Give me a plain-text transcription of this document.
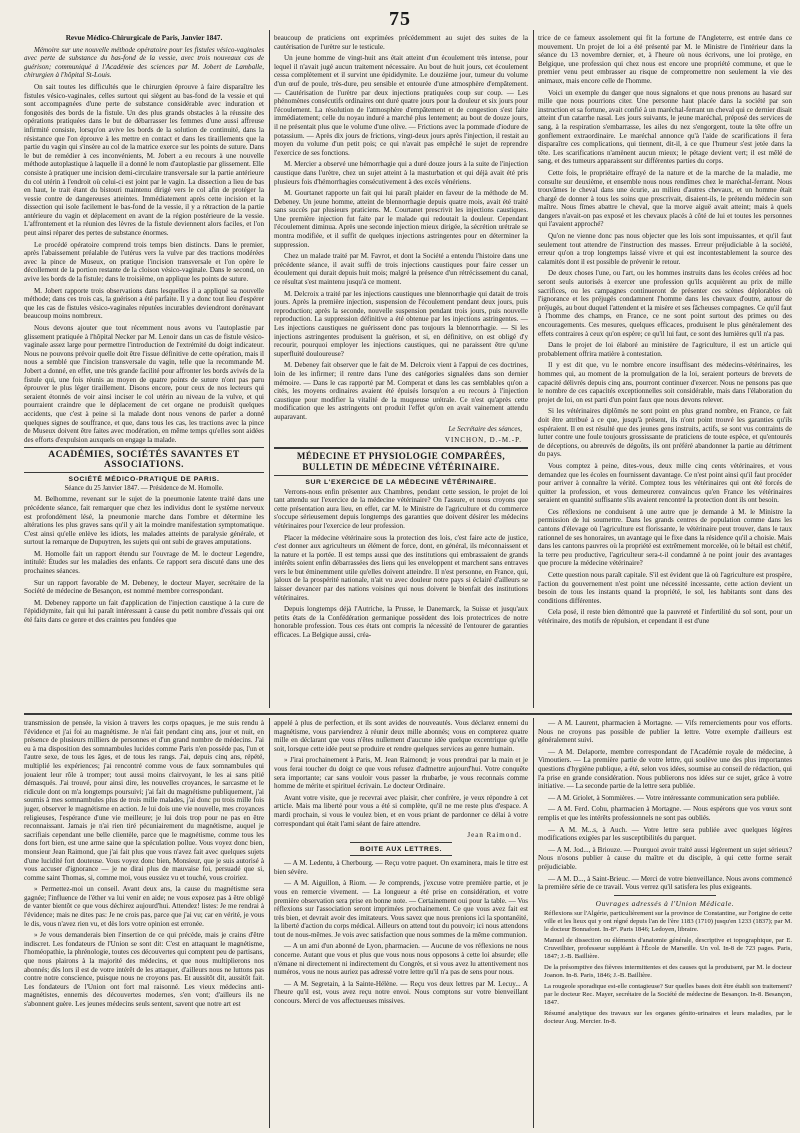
75

Revue Médico-Chirurgicale de Paris, Janvier 1847.

Mémoire sur une nouvelle méthode opératoire pour les fistules vésico-vaginales avec perte de substance du bas-fond de la vessie, avec trois nouveaux cas de guérison; communiqué à l'Académie des sciences par M. Jobert de Lamballe, chirurgien à l'hôpital St-Louis.

On sait toutes les difficultés que le chirurgien éprouve à faire disparaître les fistules vésico-vaginales, celles surtout qui siègent au bas-fond de la vessie et qui sont accompagnées d'une perte de substance considérable avec induration et fongosités des bords de la fistule. Un des plus grands obstacles à la réussite des opérations pratiquées dans le but de débarrasser les femmes d'une aussi affreuse infirmité consiste, lorsqu'on avive les bords de la solution de continuité, dans la résistance que l'on éprouve à les mettre en contact et dans les tiraillements que la partie du vagin qui s'insère au col de la matrice exerce sur les points de suture. Dans le but de remédier à ces inconvénients, M. Jobert a eu recours à une nouvelle méthode autoplastique à laquelle il a donné le nom d'autoplastie par glissement. Elle consiste à pratiquer une incision demi-circulaire transversale sur la partie antérieure du col utérin à l'endroit où celui-ci est joint par le vagin. La dissection a lieu de bas en haut, le trait étant du bistouri maintenu dirigé vers le col afin de protéger la vessie contre de dangereuses atteintes. Immédiatement après cette incision et la dissection qui isole facilement le bas-fond de la vessie, il y a rétraction de la partie antérieure du vagin et déplacement en avant de la région postérieure de la vessie. L'affrontement et la réunion des lèvres de la fistule deviennent alors faciles, et l'on peut ainsi réparer des pertes de substance énormes.

Le procédé opératoire comprend trois temps bien distincts. Dans le premier, après l'abaissement préalable de l'utérus vers la vulve par des tractions modérées avec la pince de Museux, on pratique l'incision transversale et l'on opère le décollement de la portion restante de la cloison vésico-vaginale. Dans le second, on avive les bords de la fistule; dans le troisième, on applique les points de suture.

M. Jobert rapporte trois observations dans lesquelles il a appliqué sa nouvelle méthode; dans ces trois cas, la guérison a été parfaite. Il y a donc tout lieu d'espérer que les cas de fistules vésico-vaginales réputées incurables deviendront dorénavant beaucoup moins nombreux.

Nous devons ajouter que tout récemment nous avons vu l'autoplastie par glissement pratiquée à l'hôpital Necker par M. Lenoir dans un cas de fistule vésico-vaginale assez large pour permettre l'introduction de l'extrémité du doigt indicateur. Nous ne pouvons prévoir quelle doit être l'issue définitive de cette opération, mais il nous a semblé que l'incision transversale du vagin, telle que la recommande M. Jobert a donné, en effet, une très grande facilité pour affronter les bords avivés de la fistule qui, une fois réunis au moyen de quatre points de suture n'ont pas paru éprouver le plus léger tiraillement. Disons encore, pour ceux de nos lecteurs qui seraient étonnés de voir ainsi inciser le col utérin au niveau de la vulve, et qui pourraient craindre que le déplacement de cet organe ne produisît quelques accidents, que c'est à peine si la malade dont nous venons de parler a donné quelques signes de souffrance, et que, dans tous les cas, les tractions avec la pince de Museux doivent être faites avec modération, en même temps qu'elles sont aidées des efforts d'expulsion auxquels on engage la malade.

ACADÉMIES, SOCIÉTÉS SAVANTES ET ASSOCIATIONS.
SOCIÉTÉ MÉDICO-PRATIQUE DE PARIS.
Séance du 25 Janvier 1847. — Présidence de M. Homolle.

M. Belhomme, revenant sur le sujet de la pneumonie latente traité dans une précédente séance, fait remarquer que chez les individus dont le système nerveux est profondément lésé, la pneumonie marche dans l'ombre et détermine les altérations les plus graves sans qu'il y ait la moindre manifestation symptomatique. C'est ainsi qu'elle enlève les idiots, les malades atteints de paralysie générale, et surtout la remarque de Dupuytren, les sujets qui ont subi de graves amputations.

M. Homolle fait un rapport étendu sur l'ouvrage de M. le docteur Legendre, intitulé: Études sur les maladies des enfants. Ce rapport sera discuté dans une des prochaines séances.

Sur un rapport favorable de M. Debeney, le docteur Mayer, secrétaire de la Société de médecine de Besançon, est nommé membre correspondant.

M. Debeney rapporte un fait d'application de l'injection caustique à la cure de l'épididymite, fait qui lui paraît intéressant à cause du petit nombre d'essais qui ont été faits dans ce genre et des craintes peu fondées que

beaucoup de praticiens ont exprimées précédemment au sujet des suites de la cautérisation de l'urètre sur le testicule.

Un jeune homme de vingt-huit ans était atteint d'un écoulement très intense, pour lequel il n'avait jugé aucun traitement nécessaire. Au bout de huit jours, cet écoulement cessa complètement et il survint une épididymite. Le douzième jour, tumeur du volume d'un œuf de poule, très-dure, peu sensible et entourée d'une atmosphère d'empâtement. — Cautérisation de l'urètre par deux injections pratiquées coup sur coup. — Les phénomènes consécutifs ordinaires ont duré quatre jours pour la douleur et six jours pour l'écoulement. La résolution de l'atmosphère d'empâtement et de congestion s'est faite immédiatement; celle du noyau induré a marché plus lentement; au bout de douze jours, il ne présentait plus que le volume d'une olive. — Frictions avec la pommade d'iodure de potassium. — Après dix jours de frictions, vingt-deux jours après l'injection, il restait au moyen du volume d'un petit pois; ce qui n'avait pas empêché le sujet de reprendre l'exercice de ses fonctions.

M. Mercier a observé une hémorrhagie qui a duré douze jours à la suite de l'injection caustique dans l'urètre, chez un sujet atteint à la masturbation et qui déjà avait été pris plusieurs fois d'hémorrhagies consécutivement à des excès vénériens.

M. Gourtanet rapporte un fait qui lui paraît plaider en faveur de la méthode de M. Debeney. Un jeune homme, atteint de blennorrhagie depuis quatre mois, avait été traité sans succès par plusieurs praticiens. M. Courtanet prescrivit les injections caustiques. Une première injection fut faite par le malade qui redoutait la douleur. Cependant l'écoulement diminua. Après une seconde injection mieux dirigée, la sécrétion urétrale se montra modifiée, et il suffit de quelques injections astringentes pour en déterminer la suppression.

Chez un malade traité par M. Favrot, et dont la Société a entendu l'histoire dans une précédente séance, il avait suffi de trois injections caustiques pour faire cesser un écoulement qui durait depuis huit mois; malgré la présence d'un rétrécissement du canal, ce résultat s'est maintenu jusqu'à ce moment.

M. Delcroix a traité par les injections caustiques une blennorrhagie qui datait de trois jours. Après la première injection, suspension de l'écoulement pendant deux jours, puis reproduction; après la seconde, nouvelle suspension pendant trois jours, puis nouvelle reproduction. La suppression définitive a été obtenue par les injections astringentes. — Les injections caustiques ne guérissent donc pas toujours la blennorrhagie. — Si les injections astringentes produisent la guérison, et si, en définitive, on est obligé d'y recourir, pourquoi employer les injections caustiques, qui ne paraissent être qu'une superfluité douloureuse?

M. Debeney fait observer que le fait de M. Delcroix vient à l'appui de ces doctrines, loin de les infirmer; il rentre dans l'une des catégories signalées dans son dernier mémoire. — Dans le cas rapporté par M. Comperat et dans les cas semblables qu'on a cités, les moyens ordinaires avaient été épuisés lorsqu'on a eu recours à l'injection caustique pour modifier la vitalité de la muqueuse urétrale. Ce n'est qu'après cette modification que les astringents ont produit l'effet qu'on en avait vainement attendu auparavant.

Le Secrétaire des séances,
VINCHON, D.-M.-P.
MÉDECINE ET PHYSIOLOGIE COMPARÉES, BULLETIN DE MÉDECINE VÉTÉRINAIRE.
SUR L'EXERCICE DE LA MÉDECINE VÉTÉRINAIRE.

Verrons-nous enfin présenter aux Chambres, pendant cette session, le projet de loi tant attendu sur l'exercice de la médecine vétérinaire? On l'assure, et nous croyons que cette présentation aura lieu, en effet, car M. le Ministre de l'agriculture et du commerce s'occupe sérieusement depuis longtemps des garanties que doivent désirer les médecins vétérinaires pour l'exercice de leur profession.

Placer la médecine vétérinaire sous la protection des lois, c'est faire acte de justice, c'est donner aux agriculteurs un élément de force, dont, en général, ils méconnaissent et la nature et la portée. Il est temps aussi que des institutions qui embrassaient de grands intérêts soient enfin débarrassées des liens qui les enveloppent et marchent sans entraves vers le but éminemment utile qu'elles doivent atteindre. Il n'est personne, en France, qui, jaloux de la prospérité nationale, n'ait vu avec douleur notre pays si éclairé d'ailleurs se laisser devancer par des nations voisines qui nous doivent le bienfait des institutions vétérinaires.

Depuis longtemps déjà l'Autriche, la Prusse, le Danemarck, la Suisse et jusqu'aux petits états de la Confédération germanique possèdent des lois protectrices de notre honorable profession. Tous ces états ont compris la nécessité de l'entourer de garanties efficaces. La Belgique aussi, créa-

trice de ce fameux assolement qui fit la fortune de l'Angleterre, est entrée dans ce mouvement. Un projet de loi a été présenté par M. le Ministre de l'intérieur dans la séance du 13 novembre dernier, et, à l'heure où nous écrivons, une loi protège, en Belgique, une profession qui chez nous est encore une propriété commune, et que le premier venu peut embrasser au risque de compromettre non seulement la vie des animaux, mais encore celle de l'homme.

Voici un exemple du danger que nous signalons et que nous prenons au hasard sur mille que nous pourrions citer. Une personne haut placée dans la société par son instruction et sa fortune, avait confié à un maréchal-ferrant un cheval qui ce dernier disait atteint d'un catarrhe nasal. Les jours suivants, le jeune maréchal, préposé des services de sang, à la respiration s'embarrasse, les ailes du nez s'engorgent, toute la tête offre un gonflement extraordinaire. Le maréchal annonce qu'à l'aide de scarifications il fera disparaître ces complications, qui tiennent, dit-il, à ce que l'humeur s'est jetée dans la tête. Les scarifications n'amènent aucun mieux; le pétage devient vert; il est mêlé de sang, et des tumeurs apparaissent sur différentes parties du corps.

Cette fois, le propriétaire effrayé de la nature et de la marche de la maladie, me consulte sur deuxième, et ensemble nous nous rendîmes chez le maréchal-ferrant. Nous trouvâmes le cheval dans une écurie, au milieu d'autres chevaux, et un homme était chargé de donner à tous les soins que prescrivait, disaient-ils, le prétendu médecin son maître. Nous fîmes abattre le cheval, que la morve aiguë avait atteint; mais à quels dangers n'avait-on pas exposé et les chevaux placés à côté de lui et toutes les personnes qui l'avaient approché?

Qu'on ne vienne donc pas nous objecter que les lois sont impuissantes, et qu'il faut seulement tout attendre de l'instruction des masses. Erreur préjudiciable à la société, erreur qu'on a trop longtemps laissé vivre et qui est incontestablement la source des calamités dont il est possible de prévenir le retour.

De deux choses l'une, ou l'art, ou les hommes instruits dans les écoles créées ad hoc seront seuls autorisés à exercer une profession qu'ils acquièrent au prix de mille sacrifices, ou les campagnes continueront de présenter ces scènes déplorables où l'ignorance et les préjugés condamnent l'homme dans les chevaux d'outre, autour de préjugés, au bout duquel l'attendent et la misère et ses fâcheuses compagnes. Ce qu'il faut à l'homme des champs, en France, ce ne sont point surtout des primes ou des encouragements. Ces mesures, quelques efficaces, produisent le plus généralement des effets contraires à ceux qu'on espère; ce qu'il lui faut, ce sont des lumières qu'il n'a pas.

Dans le projet de loi élaboré au ministère de l'agriculture, il est un article qui probablement offrira matière à contestation.

Il y est dit que, vu le nombre encore insuffisant des médecins-vétérinaires, les hommes qui, au moment de la promulgation de la loi, seraient porteurs de brevets de capacité délivrés depuis cinq ans, pourront continuer d'exercer. Nous ne pensons pas que le nombre de ces capacités exceptionnelles soit considérable, mais dans l'élaboration du projet de loi, on est parti d'un point faux que nous devons relever.

Si les vétérinaires diplômés ne sont point en plus grand nombre, en France, ce fait doit être attribué à ce que, jusqu'à présent, ils n'ont point trouvé les garanties qu'ils espéraient. Il en est résulté que des jeunes gens instruits, actifs, se sont vus contraints de lutter contre une foule toujours grossissante de praticiens de toute espèce, et qu'entourés de déceptions, ou abreuvés de dégoûts, ils ont préféré abandonner la partie au détriment du pays.

Vous comptez à peine, dites-vous, deux mille cinq cents vétérinaires, et vous demandez que les écoles en fournissent davantage. Ce n'est point ainsi qu'il faut procéder pour arriver à connaître la vérité. Comptez tous les vétérinaires qui ont été forcés de quitter la profession, et vous demeurerez convaincus qu'en France les vétérinaires seraient en quantité suffisante s'ils avaient rencontré la protection dont ils ont besoin.

Ces réflexions ne conduisent à une autre que je demande à M. le Ministre la permission de lui soumettre. Dans les grands centres de population comme dans les cantons d'élevage où l'agriculture est florissante, le vétérinaire peut trouver, dans le taux rationnel de ses honoraires, un avantage qui le fixe dans la résidence qu'il a choisie. Mais dans les cantons pauvres où la propriété est extrêmement morcelée, où le bétail est chétif, la terre peu productive, l'agriculteur sera-t-il condamné à ne point jouir des avantages que procure la médecine vétérinaire?

Cette question nous paraît capitale. S'il est évident que là où l'agriculture est prospère, l'action du gouvernement n'est point une nécessité incessante, cette action devient un besoin de tous les instants quand la propriété, le sol, les habitants sont dans des conditions différentes.

Cela posé, il reste bien démontré que la pauvreté et l'infertilité du sol sont, pour un vétérinaire, des motifs de répulsion, et cependant il est d'une

transmission de pensée, la vision à travers les corps opaques, je me suis rendu à l'évidence et j'ai foi au magnétisme. Je n'ai fait pendant cinq ans, jour et nuit, en présence de plusieurs milliers de personnes et d'un grand nombre de médecins. J'ai eu à ma disposition des somnambules lucides comme Paris n'en possède pas, l'un et l'autre sexe, de tous les âges, et de tous les rangs. J'ai, depuis cinq ans, répété, multiplié les expériences; j'ai rencontré comme vous de faux somnambules qui jouaient leur rôle à tromper; tout aussi moins clairvoyant, le les ai sans pitié démasqués. J'ai trouvé, pour ainsi dire, les nouvelles croyances, le sarcasme et le ridicule dont on m'a longtemps poursuivi; j'ai fait du magnétisme publiquement, j'ai soumis à mes somnambules plus de trois mille malades, j'ai donc pu trois mille fois juger, observer le magnétisme en action. Je lui dois une vie nouvelle, mes croyances religieuses, l'espérance d'une vie meilleure; je lui dois trop pour ne pas en être reconnaissant. Jamais je n'ai rien tiré pécuniairement du magnétisme, auquel je sacrifiais cependant une belle clientèle, parce que le magnétisme, comme tous les dons fort bien, est une arme saine que la spéculation pollue. Vous voyez donc bien, monsieur Jean Raimond, que j'ai fait plus que vous n'avez fait avec quelques sujets d'une lucidité fort douteuse. Vous voyez donc bien, Monsieur, que je suis autorisé à vous accuser d'ignorance — je ne dirai plus de mauvaise foi, persuadé que si, comme saint Thomas, si, comme moi, vous eussiez vu et touché, vous croiriez.

» Permettez-moi un conseil. Avant deux ans, la cause du magnétisme sera gagnée; l'influence de l'éther va lui venir en aide; ne vous exposez pas à être obligé de vanter bientôt ce que vous déchirez aujourd'hui. Attendez! listes: Je me rendrai à l'évidence; mais ne dites pas: Je ne crois pas, parce que j'ai vu; car en vérité, je vous le dis, vous n'avez rien vu, et dès lors votre opinion est erronée.

» Je vous demanderais bien l'insertion de ce qui précède, mais je crains d'être indiscret. Les fondateurs de l'Union se sont dit: C'est en attaquant le magnétisme, l'homéopathie, la phrénologie, toutes ces découvertes qui comptent peu de partisans, que nous plairons à la majorité des médecins, et que nous multiplierons nos abonnés; dès lors il est de votre intérêt de les attaquer, d'ailleurs nous ne luttons pas contre notre conscience, puisque nous ne croyons pas. Et aussitôt dit, aussitôt fait. Les fondateurs de l'Union ont fort mal raisonné. Les vieux médecins anti-magnétistes, ennemis des découvertes modernes, s'en vont; d'ailleurs ils ne s'abonnent guère. Les jeunes médecins seuls sentent, savent que notre art est

appelé à plus de perfection, et ils sont avides de nouveautés. Vous déclarez ennemi du magnétisme, vous parviendrez à réunir deux mille abonnés; vous en compterez quatre mille en déclarant que vous n'êtes nullement d'aucune idée quelque excentrique qu'elle soit, lorsque cette idée peut se produire et rendre quelques services au genre humain.

» J'irai prochainement à Paris, M. Jean Raimond; je vous prendrai par la main et je vous ferai toucher du doigt ce que vous refusez d'admettre aujourd'hui. Votre conquête sera importante; car sans vouloir vous passer la rhubarbe, je vous reconnais comme homme de mérite et spirituel écrivain. Le docteur Ordinaire.

Avant votre visite, que je recevrai avec plaisir, cher confrère, je veux répondre à cet article. Mais ma liberté pour vous a été si complète, qu'il ne me reste plus d'espace. A mardi prochain, si vous le voulez bien, et en vous priant de pardonner ce délai à votre correspondant qui était l'ami séant de faire attendre.

Jean Raimond.
BOITE AUX LETTRES.

— A M. Ledentu, à Cherbourg. — Reçu votre paquet. On examinera, mais le titre est bien sévère.

— A M. Aiguillon, à Riom. — Je comprends, j'excuse votre première partie, et je vous en remercie vivement. — La longueur a été prise en considération, et votre première observation sera prise en bonne note. — Certainement oui pour la table. — Vos réflexions sur l'association seront imprimées prochainement. Ce que vous avez fait est très bien, et devrait avoir des imitateurs. Vous savez que nous prenions ici la spontanéité, la liberté d'action du corps médical. Ailleurs on attend tout du pouvoir; ici nous attendons tout de nous-mêmes. Je vois avec satisfaction que nous sommes de la même communion.

— A un ami d'un abonné de Lyon, pharmacien. — Aucune de vos réflexions ne nous concerne. Autant que vous et plus que vous nous nous opposons à cette loi absurde; elle n'émane ni directement ni indirectement du Congrès, et si vous avez lu attentivement nos numéros, vous ne nous auriez pas adressé votre lettre qu'il n'a pas de sens pour nous.

— A M. Segretain, à la Sainte-Hélène. — Reçu vos deux lettres par M. Lecuy... A l'heure qu'il est, vous avez reçu notre envoi. Nous comptons sur votre bienveillant concours. Merci de vos affectueuses missives.

— A M. Laurent, pharmacien à Mortagne. — Vifs remerciements pour vos efforts. Nous ne croyons pas possible de publier la lettre. Votre exemple d'ailleurs est généralement suivi.

— A M. Delaporte, membre correspondant de l'Académie royale de médecine, à Vimoutiers. — La première partie de votre lettre, qui soulève une des plus importantes questions d'hygiène publique, a été, selon vos idées, soumise au conseil de rédaction, qui l'a prise en grande considération. Nous publierons nos idées sur ce sujet, grâce à votre initiative. — La seconde partie de la lettre sera publiée.

— A M. Griolet, à Sommières. — Votre intéressante communication sera publiée.

— A M. Ferd. Cohu, pharmacien à Mortagne. — Nous espérons que vos vœux sont remplis et que les intérêts professionnels ne sont pas oubliés.

— A M. M...s, à Auch. — Votre lettre sera publiée avec quelques légères modifications exigées par les susceptibilités du parquet.

— A M. Jod..., à Briouze. — Pourquoi avoir traité aussi légèrement un sujet sérieux? Nous n'osons publier à cause du maître et du disciple, à qui cette forme serait préjudiciable.

— A M. D..., à Saint-Brieuc. — Merci de votre bienveillance. Nous avons commencé la première série de ce travail. Vous verrez qu'il satisfera les plus exigeants.

Ouvrages adressés à l'Union Médicale.

Réflexions sur l'Algérie, particulièrement sur la province de Constantine, sur l'origine de cette ville et les lieux qui y ont régné depuis l'an de l'ère 1183 (1710) jusqu'en 1233 (1837); par M. le docteur Bonnafont. In-8°. Paris 1846; Ledoyen, libraire.

Manuel de dissection ou éléments d'anatomie générale, descriptive et topographique, par E. Cruveilhier, professeur suppléant à l'École de Marseille. Un vol. In-8 de 723 pages. Paris, 1847; J.-B. Baillière.

De la présomptive des fièvres intermittentes et des causes qui la produisent, par M. le docteur Joanon. In-8. Paris, 1846; J.-B. Baillière.

La rougeole sporadique est-elle contagieuse? Sur quelles bases doit être établi son traitement? par le docteur Rec. Mayer, secrétaire de la Société de médecine de Besançon. In-8. Besançon, 1847.

Résumé analytique des travaux sur les organes génito-urinaires et leurs maladies, par le docteur Aug. Mercier. In-8.
